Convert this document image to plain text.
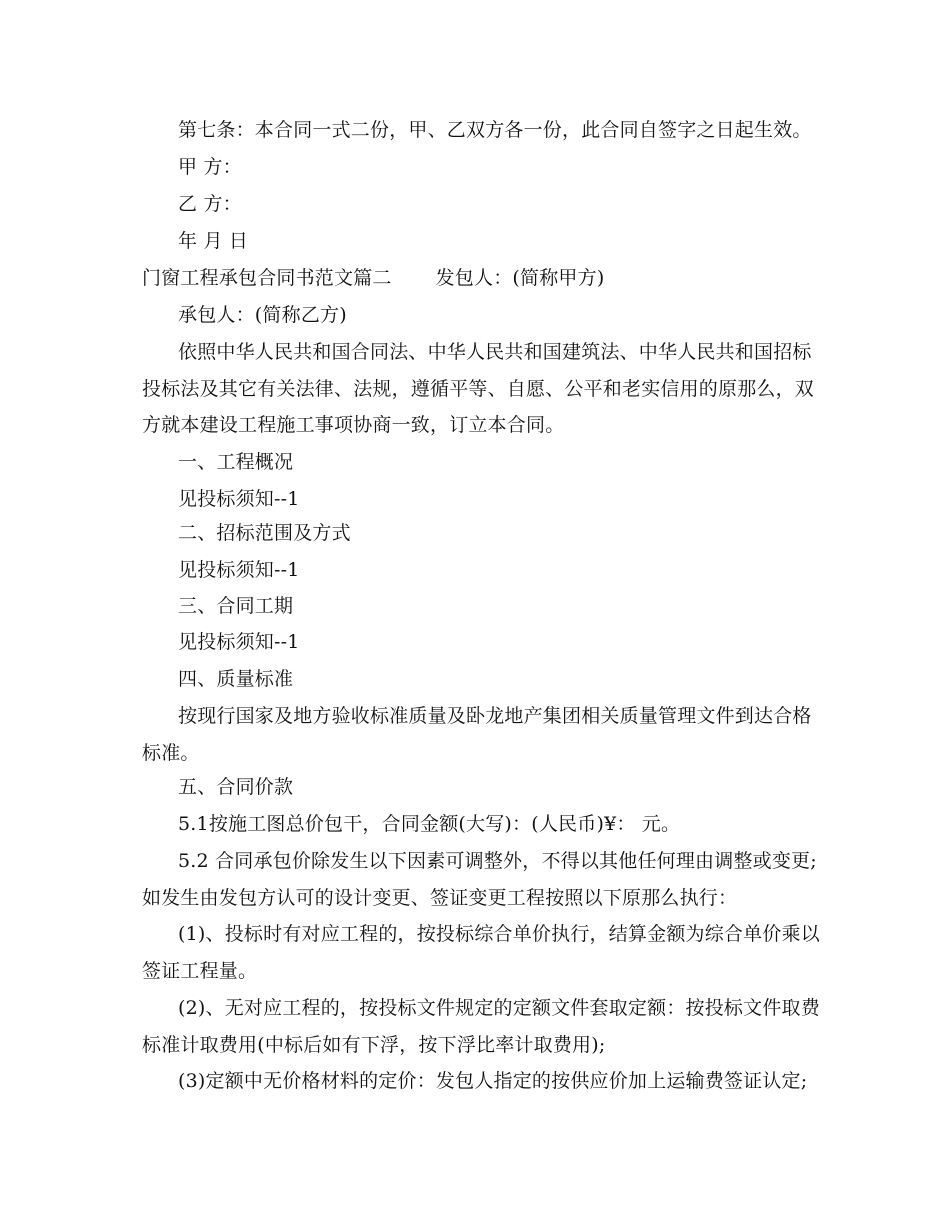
第七条：本合同一式二份，甲、乙双方各一份，此合同自签字之日起生效。
甲 方：
乙 方：
年 月 日
门窗工程承包合同书范文篇二 发包人：(简称甲方)
承包人：(简称乙方)
依照中华人民共和国合同法、中华人民共和国建筑法、中华人民共和国招标
投标法及其它有关法律、法规，遵循平等、自愿、公平和老实信用的原那么，双
方就本建设工程施工事项协商一致，订立本合同。
一、工程概况
见投标须知--1
二、招标范围及方式
见投标须知--1
三、合同工期
见投标须知--1
四、质量标准
按现行国家及地方验收标准质量及卧龙地产集团相关质量管理文件到达合格
标准。
五、合同价款
5.1按施工图总价包干，合同金额(大写)：(人民币)¥： 元。
5.2 合同承包价除发生以下因素可调整外，不得以其他任何理由调整或变更;
如发生由发包方认可的设计变更、签证变更工程按照以下原那么执行：
(1)、投标时有对应工程的，按投标综合单价执行，结算金额为综合单价乘以
签证工程量。
(2)、无对应工程的，按投标文件规定的定额文件套取定额：按投标文件取费
标准计取费用(中标后如有下浮，按下浮比率计取费用);
(3)定额中无价格材料的定价：发包人指定的按供应价加上运输费签证认定;
